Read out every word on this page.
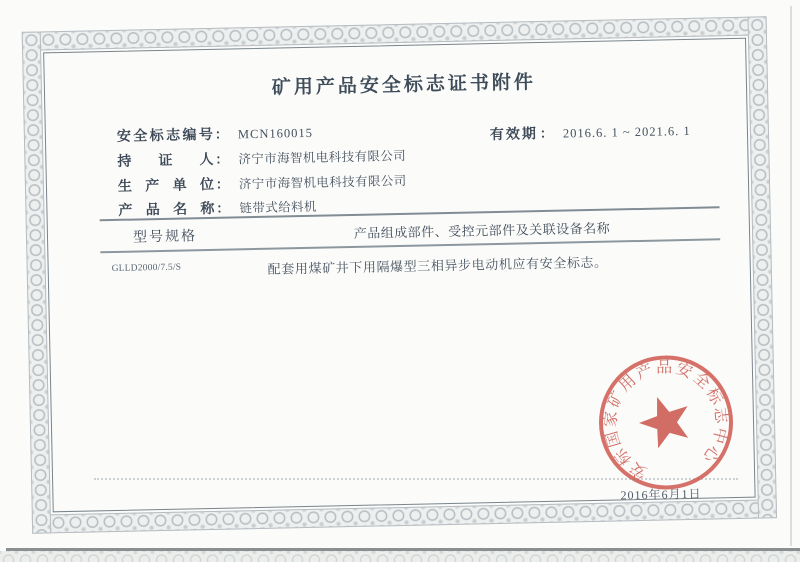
矿用产品安全标志证书附件
安全标志编号 ： MCN160015	有效期 ： 2016.6. 1 ~ 2021.6. 1
持证人 ： 济宁市海智机电科技有限公司
生产单位 ： 济宁市海智机电科技有限公司
产品名称 ： 链带式给料机
型号规格	产品组成部件、受控元部件及关联设备名称
GLLD2000/7.5/S	配套用煤矿井下用隔爆型三相异步电动机应有安全标志。
安标国家矿用产品安全标志中心
2016年6月1日
